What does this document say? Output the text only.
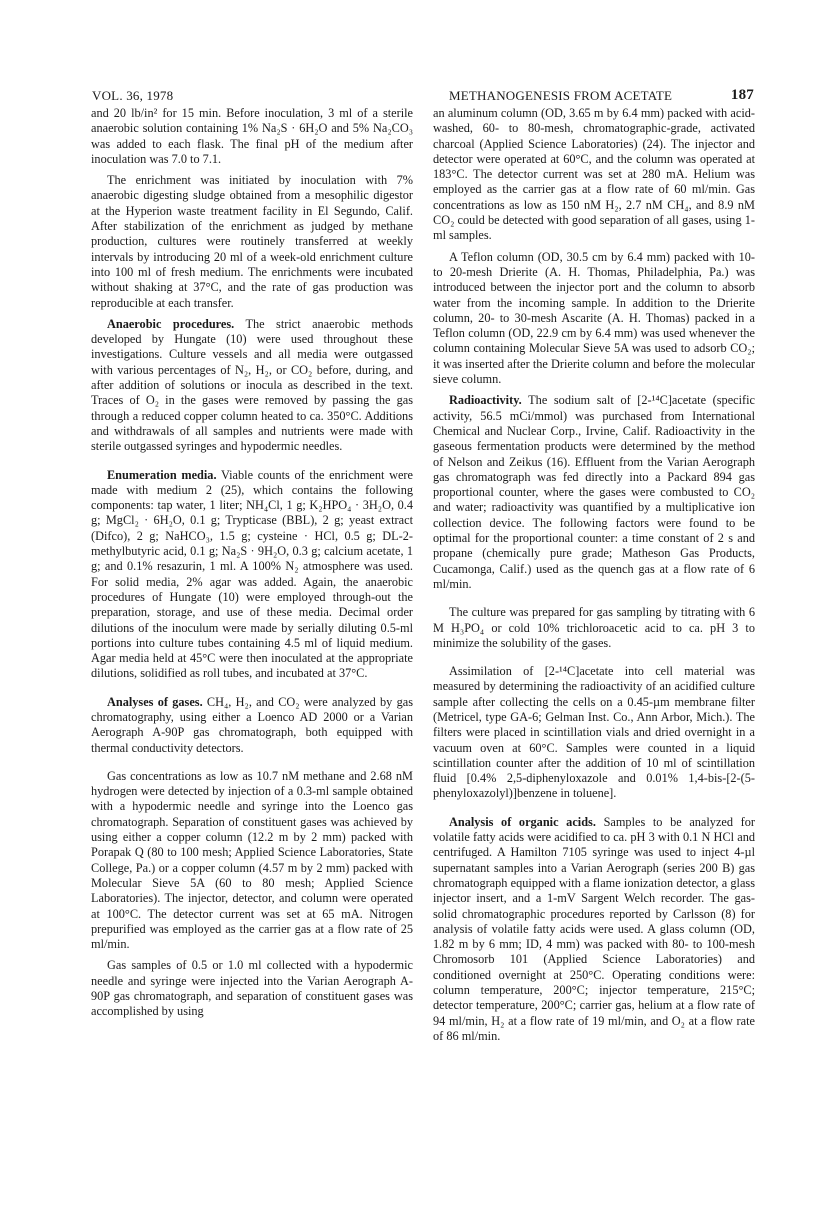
VOL. 36, 1978	METHANOGENESIS FROM ACETATE	187

and 20 lb/in² for 15 min. Before inoculation, 3 ml of a sterile anaerobic solution containing 1% Na₂S · 6H₂O and 5% Na₂CO₃ was added to each flask. The final pH of the medium after inoculation was 7.0 to 7.1.

The enrichment was initiated by inoculation with 7% anaerobic digesting sludge obtained from a mesophilic digestor at the Hyperion waste treatment facility in El Segundo, Calif. After stabilization of the enrichment as judged by methane production, cultures were routinely transferred at weekly intervals by introducing 20 ml of a week-old enrichment culture into 100 ml of fresh medium. The enrichments were incubated without shaking at 37°C, and the rate of gas production was reproducible at each transfer.

Anaerobic procedures. The strict anaerobic methods developed by Hungate (10) were used throughout these investigations. Culture vessels and all media were outgassed with various percentages of N₂, H₂, or CO₂ before, during, and after addition of solutions or inocula as described in the text. Traces of O₂ in the gases were removed by passing the gas through a reduced copper column heated to ca. 350°C. Additions and withdrawals of all samples and nutrients were made with sterile outgassed syringes and hypodermic needles.

Enumeration media. Viable counts of the enrichment were made with medium 2 (25), which contains the following components: tap water, 1 liter; NH₄Cl, 1 g; K₂HPO₄ · 3H₂O, 0.4 g; MgCl₂ · 6H₂O, 0.1 g; Trypticase (BBL), 2 g; yeast extract (Difco), 2 g; NaHCO₃, 1.5 g; cysteine · HCl, 0.5 g; DL-2-methylbutyric acid, 0.1 g; Na₂S · 9H₂O, 0.3 g; calcium acetate, 1 g; and 0.1% resazurin, 1 ml. A 100% N₂ atmosphere was used. For solid media, 2% agar was added. Again, the anaerobic procedures of Hungate (10) were employed through-out the preparation, storage, and use of these media. Decimal order dilutions of the inoculum were made by serially diluting 0.5-ml portions into culture tubes containing 4.5 ml of liquid medium. Agar media held at 45°C were then inoculated at the appropriate dilutions, solidified as roll tubes, and incubated at 37°C.

Analyses of gases. CH₄, H₂, and CO₂ were analyzed by gas chromatography, using either a Loenco AD 2000 or a Varian Aerograph A-90P gas chromatograph, both equipped with thermal conductivity detectors.

Gas concentrations as low as 10.7 nM methane and 2.68 nM hydrogen were detected by injection of a 0.3-ml sample obtained with a hypodermic needle and syringe into the Loenco gas chromatograph. Separation of constituent gases was achieved by using either a copper column (12.2 m by 2 mm) packed with Porapak Q (80 to 100 mesh; Applied Science Laboratories, State College, Pa.) or a copper column (4.57 m by 2 mm) packed with Molecular Sieve 5A (60 to 80 mesh; Applied Science Laboratories). The injector, detector, and column were operated at 100°C. The detector current was set at 65 mA. Nitrogen prepurified was employed as the carrier gas at a flow rate of 25 ml/min.

Gas samples of 0.5 or 1.0 ml collected with a hypodermic needle and syringe were injected into the Varian Aerograph A-90P gas chromatograph, and separation of constituent gases was accomplished by using

an aluminum column (OD, 3.65 m by 6.4 mm) packed with acid-washed, 60- to 80-mesh, chromatographic-grade, activated charcoal (Applied Science Laboratories) (24). The injector and detector were operated at 60°C, and the column was operated at 183°C. The detector current was set at 280 mA. Helium was employed as the carrier gas at a flow rate of 60 ml/min. Gas concentrations as low as 150 nM H₂, 2.7 nM CH₄, and 8.9 nM CO₂ could be detected with good separation of all gases, using 1-ml samples.

A Teflon column (OD, 30.5 cm by 6.4 mm) packed with 10- to 20-mesh Drierite (A. H. Thomas, Philadelphia, Pa.) was introduced between the injector port and the column to absorb water from the incoming sample. In addition to the Drierite column, 20- to 30-mesh Ascarite (A. H. Thomas) packed in a Teflon column (OD, 22.9 cm by 6.4 mm) was used whenever the column containing Molecular Sieve 5A was used to adsorb CO₂; it was inserted after the Drierite column and before the molecular sieve column.

Radioactivity. The sodium salt of [2-¹⁴C]acetate (specific activity, 56.5 mCi/mmol) was purchased from International Chemical and Nuclear Corp., Irvine, Calif. Radioactivity in the gaseous fermentation products were determined by the method of Nelson and Zeikus (16). Effluent from the Varian Aerograph gas chromatograph was fed directly into a Packard 894 gas proportional counter, where the gases were combusted to CO₂ and water; radioactivity was quantified by a multiplicative ion collection device. The following factors were found to be optimal for the proportional counter: a time constant of 2 s and propane (chemically pure grade; Matheson Gas Products, Cucamonga, Calif.) used as the quench gas at a flow rate of 6 ml/min.

The culture was prepared for gas sampling by titrating with 6 M H₃PO₄ or cold 10% trichloroacetic acid to ca. pH 3 to minimize the solubility of the gases.

Assimilation of [2-¹⁴C]acetate into cell material was measured by determining the radioactivity of an acidified culture sample after collecting the cells on a 0.45-µm membrane filter (Metricel, type GA-6; Gelman Inst. Co., Ann Arbor, Mich.). The filters were placed in scintillation vials and dried overnight in a vacuum oven at 60°C. Samples were counted in a liquid scintillation counter after the addition of 10 ml of scintillation fluid [0.4% 2,5-diphenyloxazole and 0.01% 1,4-bis-[2-(5-phenyloxazolyl)]benzene in toluene].

Analysis of organic acids. Samples to be analyzed for volatile fatty acids were acidified to ca. pH 3 with 0.1 N HCl and centrifuged. A Hamilton 7105 syringe was used to inject 4-µl supernatant samples into a Varian Aerograph (series 200 B) gas chromatograph equipped with a flame ionization detector, a glass injector insert, and a 1-mV Sargent Welch recorder. The gas-solid chromatographic procedures reported by Carlsson (8) for analysis of volatile fatty acids were used. A glass column (OD, 1.82 m by 6 mm; ID, 4 mm) was packed with 80- to 100-mesh Chromosorb 101 (Applied Science Laboratories) and conditioned overnight at 250°C. Operating conditions were: column temperature, 200°C; injector temperature, 215°C; detector temperature, 200°C; carrier gas, helium at a flow rate of 94 ml/min, H₂ at a flow rate of 19 ml/min, and O₂ at a flow rate of 86 ml/min.
